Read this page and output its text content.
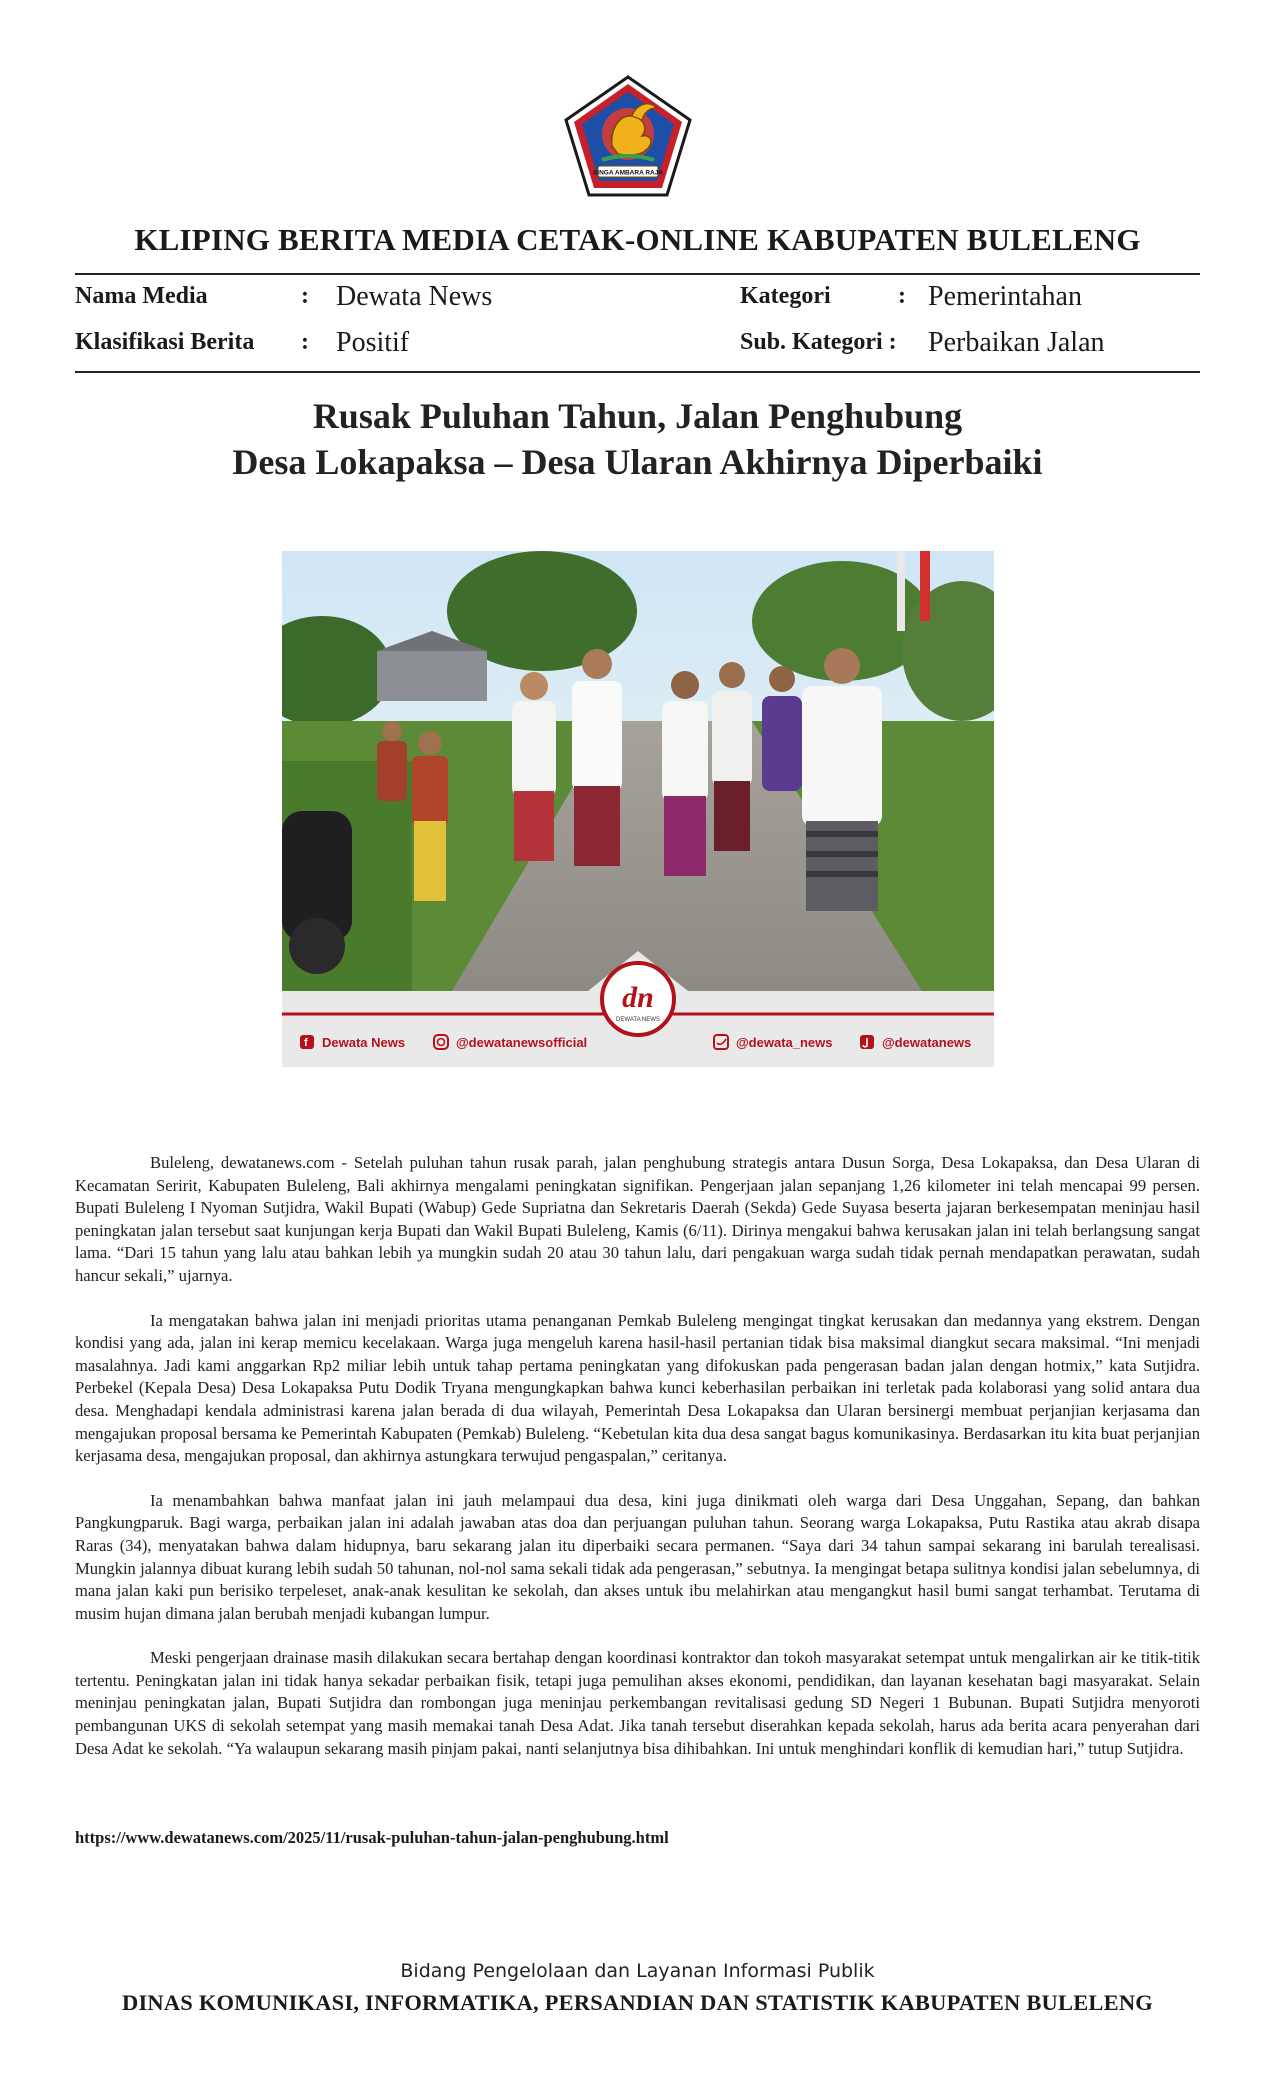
SINGA AMBARA RAJA
KLIPING BERITA MEDIA CETAK-ONLINE KABUPATEN BULELENG
Nama Media	: Dewata News	Kategori	: Pemerintahan
Klasifikasi Berita : Positif	Sub. Kategori : Perbaikan Jalan
Rusak Puluhan Tahun, Jalan Penghubung
Desa Lokapaksa – Desa Ularan Akhirnya Diperbaiki
dn
DEWATA NEWS
f Dewata News	@dewatanewsofficial	@dewata_news	@dewatanews

Buleleng, dewatanews.com - Setelah puluhan tahun rusak parah, jalan penghubung strategis antara Dusun Sorga, Desa Lokapaksa, dan Desa Ularan di Kecamatan Seririt, Kabupaten Buleleng, Bali akhirnya mengalami peningkatan signifikan. Pengerjaan jalan sepanjang 1,26 kilometer ini telah mencapai 99 persen. Bupati Buleleng I Nyoman Sutjidra, Wakil Bupati (Wabup) Gede Supriatna dan Sekretaris Daerah (Sekda) Gede Suyasa beserta jajaran berkesempatan meninjau hasil peningkatan jalan tersebut saat kunjungan kerja Bupati dan Wakil Bupati Buleleng, Kamis (6/11). Dirinya mengakui bahwa kerusakan jalan ini telah berlangsung sangat lama. “Dari 15 tahun yang lalu atau bahkan lebih ya mungkin sudah 20 atau 30 tahun lalu, dari pengakuan warga sudah tidak pernah mendapatkan perawatan, sudah hancur sekali,” ujarnya.

Ia mengatakan bahwa jalan ini menjadi prioritas utama penanganan Pemkab Buleleng mengingat tingkat kerusakan dan medannya yang ekstrem. Dengan kondisi yang ada, jalan ini kerap memicu kecelakaan. Warga juga mengeluh karena hasil-hasil pertanian tidak bisa maksimal diangkut secara maksimal. “Ini menjadi masalahnya. Jadi kami anggarkan Rp2 miliar lebih untuk tahap pertama peningkatan yang difokuskan pada pengerasan badan jalan dengan hotmix,” kata Sutjidra. Perbekel (Kepala Desa) Desa Lokapaksa Putu Dodik Tryana mengungkapkan bahwa kunci keberhasilan perbaikan ini terletak pada kolaborasi yang solid antara dua desa. Menghadapi kendala administrasi karena jalan berada di dua wilayah, Pemerintah Desa Lokapaksa dan Ularan bersinergi membuat perjanjian kerjasama dan mengajukan proposal bersama ke Pemerintah Kabupaten (Pemkab) Buleleng. “Kebetulan kita dua desa sangat bagus komunikasinya. Berdasarkan itu kita buat perjanjian kerjasama desa, mengajukan proposal, dan akhirnya astungkara terwujud pengaspalan,” ceritanya.

Ia menambahkan bahwa manfaat jalan ini jauh melampaui dua desa, kini juga dinikmati oleh warga dari Desa Unggahan, Sepang, dan bahkan Pangkungparuk. Bagi warga, perbaikan jalan ini adalah jawaban atas doa dan perjuangan puluhan tahun. Seorang warga Lokapaksa, Putu Rastika atau akrab disapa Raras (34), menyatakan bahwa dalam hidupnya, baru sekarang jalan itu diperbaiki secara permanen. “Saya dari 34 tahun sampai sekarang ini barulah terealisasi. Mungkin jalannya dibuat kurang lebih sudah 50 tahunan, nol-nol sama sekali tidak ada pengerasan,” sebutnya. Ia mengingat betapa sulitnya kondisi jalan sebelumnya, di mana jalan kaki pun berisiko terpeleset, anak-anak kesulitan ke sekolah, dan akses untuk ibu melahirkan atau mengangkut hasil bumi sangat terhambat. Terutama di musim hujan dimana jalan berubah menjadi kubangan lumpur.

Meski pengerjaan drainase masih dilakukan secara bertahap dengan koordinasi kontraktor dan tokoh masyarakat setempat untuk mengalirkan air ke titik-titik tertentu. Peningkatan jalan ini tidak hanya sekadar perbaikan fisik, tetapi juga pemulihan akses ekonomi, pendidikan, dan layanan kesehatan bagi masyarakat. Selain meninjau peningkatan jalan, Bupati Sutjidra dan rombongan juga meninjau perkembangan revitalisasi gedung SD Negeri 1 Bubunan. Bupati Sutjidra menyoroti pembangunan UKS di sekolah setempat yang masih memakai tanah Desa Adat. Jika tanah tersebut diserahkan kepada sekolah, harus ada berita acara penyerahan dari Desa Adat ke sekolah. “Ya walaupun sekarang masih pinjam pakai, nanti selanjutnya bisa dihibahkan. Ini untuk menghindari konflik di kemudian hari,” tutup Sutjidra.

https://www.dewatanews.com/2025/11/rusak-puluhan-tahun-jalan-penghubung.html
Bidang Pengelolaan dan Layanan Informasi Publik
DINAS KOMUNIKASI, INFORMATIKA, PERSANDIAN DAN STATISTIK KABUPATEN BULELENG
